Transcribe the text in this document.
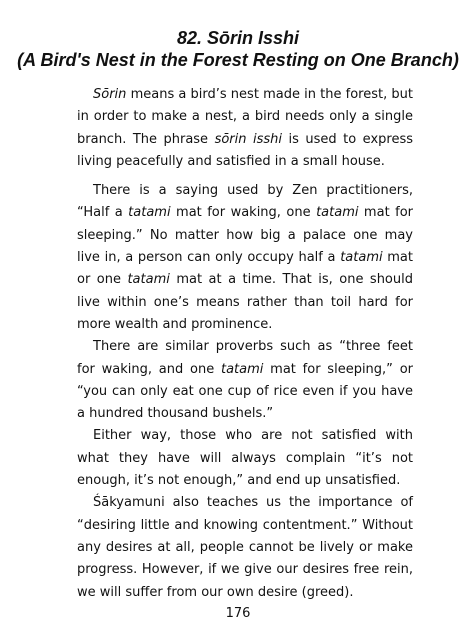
82. Sōrin Isshi
(A Bird's Nest in the Forest Resting on One Branch)

Sōrin means a bird’s nest made in the forest, but in order to make a nest, a bird needs only a single branch. The phrase sōrin isshi is used to express living peacefully and satisfied in a small house.

There is a saying used by Zen practitioners, “Half a tatami mat for waking, one tatami mat for sleeping.” No matter how big a palace one may live in, a person can only occupy half a tatami mat or one tatami mat at a time. That is, one should live within one’s means rather than toil hard for more wealth and prominence.

There are similar proverbs such as “three feet for waking, and one tatami mat for sleeping,” or “you can only eat one cup of rice even if you have a hundred thousand bushels.”

Either way, those who are not satisfied with what they have will always complain “it’s not enough, it’s not enough,” and end up unsatisfied.

Śākyamuni also teaches us the importance of “desiring little and knowing contentment.” Without any desires at all, people cannot be lively or make progress. However, if we give our desires free rein, we will suffer from our own desire (greed).

176
